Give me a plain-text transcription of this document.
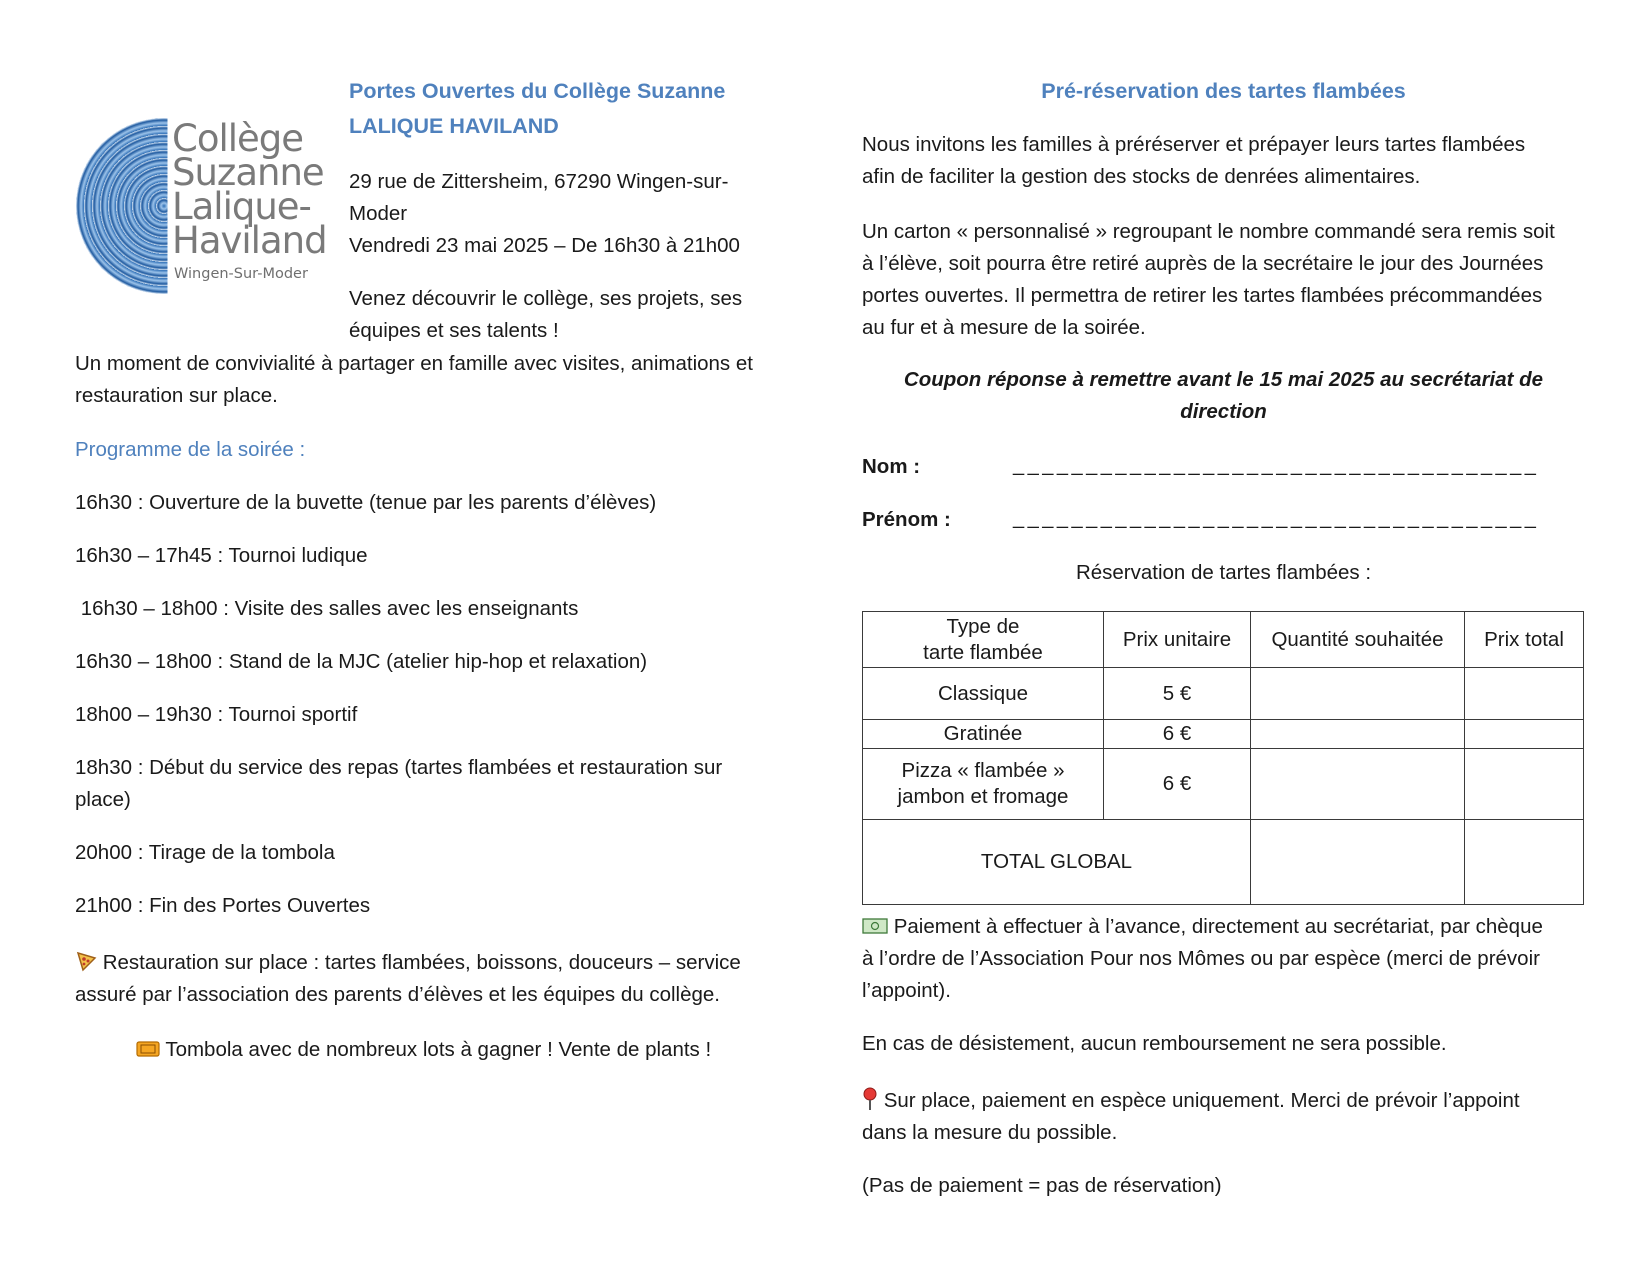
Collège
Suzanne
Lalique-
Haviland
Wingen-Sur-Moder
Portes Ouvertes du Collège Suzanne
LALIQUE HAVILAND
29 rue de Zittersheim, 67290 Wingen-sur-
Moder
Vendredi 23 mai 2025 – De 16h30 à 21h00
Venez découvrir le collège, ses projets, ses
équipes et ses talents !
Un moment de convivialité à partager en famille avec visites, animations et
restauration sur place.
Programme de la soirée :
16h30 : Ouverture de la buvette (tenue par les parents d’élèves)
16h30 – 17h45 : Tournoi ludique
16h30 – 18h00 : Visite des salles avec les enseignants
16h30 – 18h00 : Stand de la MJC (atelier hip-hop et relaxation)
18h00 – 19h30 : Tournoi sportif
18h30 : Début du service des repas (tartes flambées et restauration sur
place)
20h00 : Tirage de la tombola
21h00 : Fin des Portes Ouvertes
Restauration sur place : tartes flambées, boissons, douceurs – service
assuré par l’association des parents d’élèves et les équipes du collège.
Tombola avec de nombreux lots à gagner ! Vente de plants !
Pré-réservation des tartes flambées
Nous invitons les familles à préréserver et prépayer leurs tartes flambées
afin de faciliter la gestion des stocks de denrées alimentaires.
Un carton « personnalisé » regroupant le nombre commandé sera remis soit
à l’élève, soit pourra être retiré auprès de la secrétaire le jour des Journées
portes ouvertes. Il permettra de retirer les tartes flambées précommandées
au fur et à mesure de la soirée.
Coupon réponse à remettre avant le 15 mai 2025 au secrétariat de
direction
Nom :	____________________________________
Prénom :	____________________________________
Réservation de tartes flambées :
Type de
tarte flambée	Prix unitaire	Quantité souhaitée	Prix total
Classique	5 €		
Gratinée	6 €		

Pizza « flambée »
jambon et fromage	6 €		
TOTAL GLOBAL			
Paiement à effectuer à l’avance, directement au secrétariat, par chèque
à l’ordre de l’Association Pour nos Mômes ou par espèce (merci de prévoir
l’appoint).
En cas de désistement, aucun remboursement ne sera possible.
Sur place, paiement en espèce uniquement. Merci de prévoir l’appoint
dans la mesure du possible.
(Pas de paiement = pas de réservation)
